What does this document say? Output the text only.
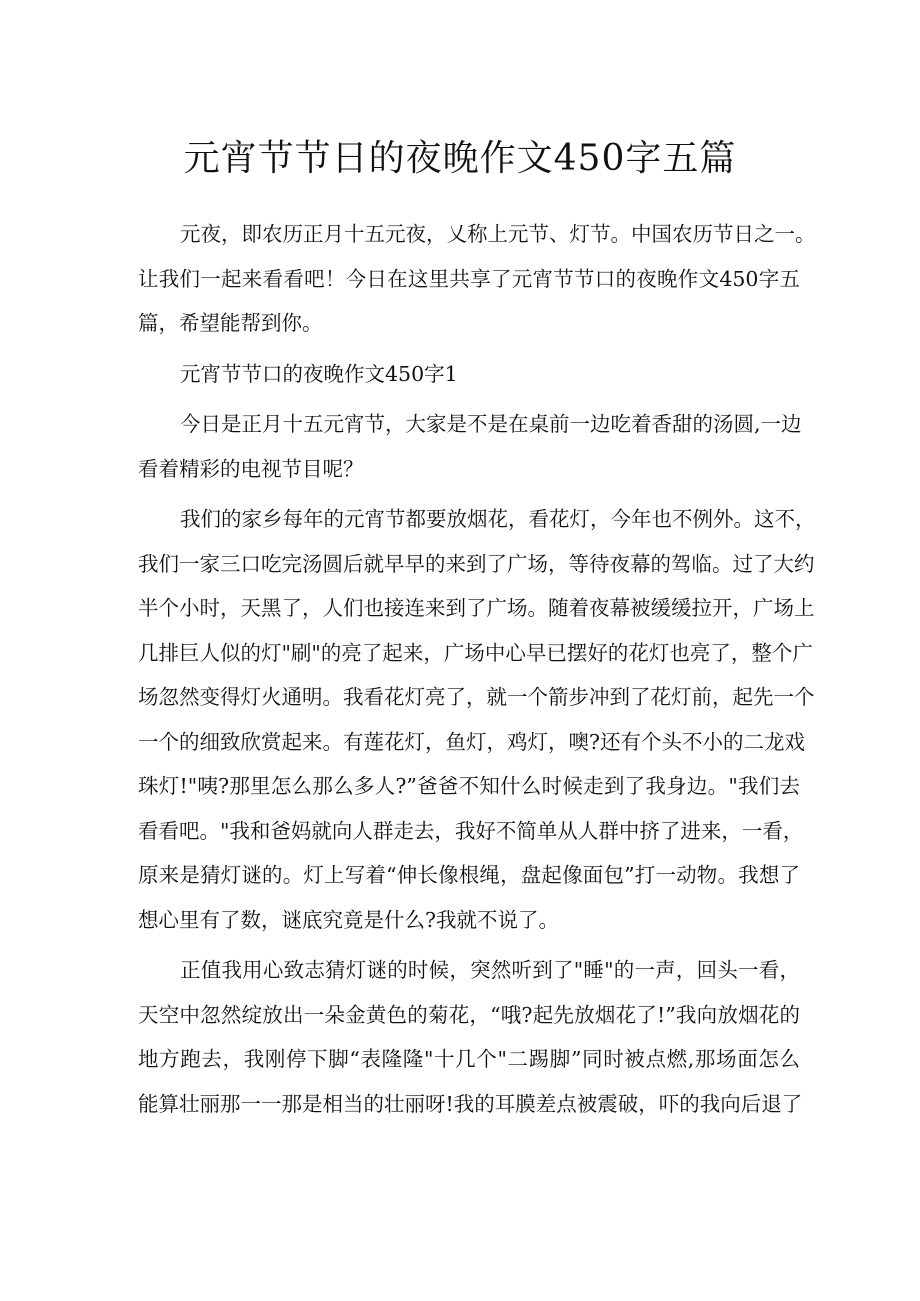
元宵节节日的夜晚作文450字五篇

元夜，即农历正月十五元夜，乂称上元节、灯节。中国农历节日之一。

让我们一起来看看吧！今日在这里共享了元宵节节口的夜晚作文450字五

篇，希望能帮到你。

元宵节节口的夜晚作文450字1

今日是正月十五元宵节，大家是不是在桌前一边吃着香甜的汤圆,一边

看着精彩的电视节目呢？

我们的家乡每年的元宵节都要放烟花，看花灯，今年也不例外。这不，

我们一家三口吃完汤圆后就早早的来到了广场，等待夜幕的驾临。过了大约

半个小时，天黑了，人们也接连来到了广场。随着夜幕被缓缓拉开，广场上

几排巨人似的灯"刷"的亮了起来，广场中心早已摆好的花灯也亮了，整个广

场忽然变得灯火通明。我看花灯亮了，就一个箭步冲到了花灯前，起先一个

一个的细致欣赏起来。有莲花灯，鱼灯，鸡灯，噢?还有个头不小的二龙戏

珠灯!"咦?那里怎么那么多人?”爸爸不知什么时候走到了我身边。"我们去

看看吧。"我和爸妈就向人群走去，我好不简单从人群中挤了进来，一看，

原来是猜灯谜的。灯上写着“伸长像根绳，盘起像面包”打一动物。我想了

想心里有了数，谜底究竟是什么?我就不说了。

正值我用心致志猜灯谜的时候，突然听到了"睡"的一声，回头一看，

天空中忽然绽放出一朵金黄色的菊花，“哦?起先放烟花了!”我向放烟花的

地方跑去，我刚停下脚“表隆隆"十几个"二踢脚”同时被点燃,那场面怎么

能算壮丽那一一那是相当的壮丽呀!我的耳膜差点被震破，吓的我向后退了
